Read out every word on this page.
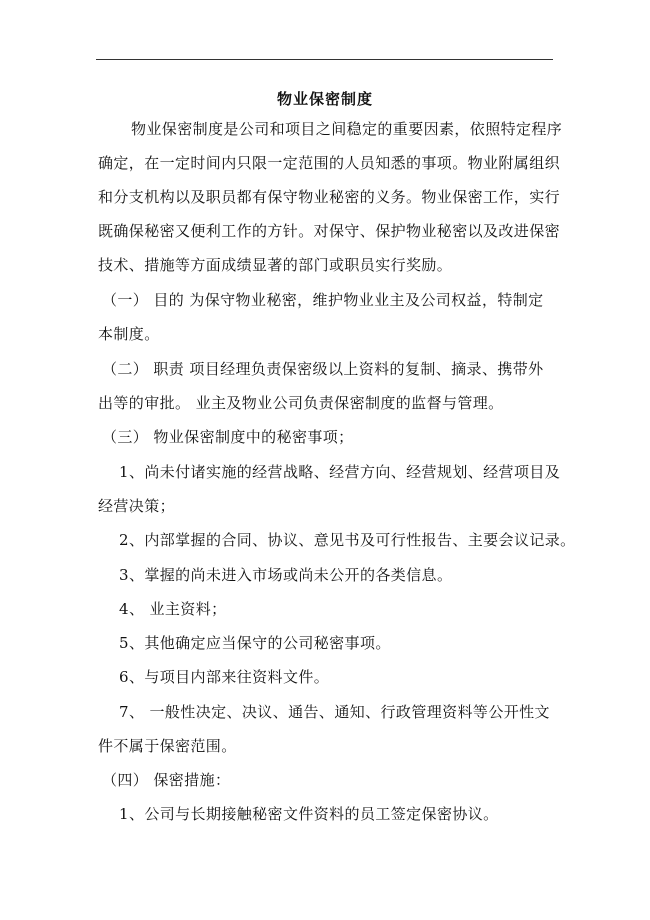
物业保密制度
物业保密制度是公司和项目之间稳定的重要因素，依照特定程序
确定，在一定时间内只限一定范围的人员知悉的事项。物业附属组织
和分支机构以及职员都有保守物业秘密的义务。物业保密工作，实行
既确保秘密又便利工作的方针。对保守、保护物业秘密以及改进保密
技术、措施等方面成绩显著的部门或职员实行奖励。
（一） 目的 为保守物业秘密，维护物业业主及公司权益，特制定
本制度。
（二） 职责 项目经理负责保密级以上资料的复制、摘录、携带外
出等的审批。 业主及物业公司负责保密制度的监督与管理。
（三） 物业保密制度中的秘密事项；
1、尚未付诸实施的经营战略、经营方向、经营规划、经营项目及
经营决策；
2、内部掌握的合同、协议、意见书及可行性报告、主要会议记录。
3、掌握的尚未进入市场或尚未公开的各类信息。
4、 业主资料；
5、其他确定应当保守的公司秘密事项。
6、与项目内部来往资料文件。
7、 一般性决定、决议、通告、通知、行政管理资料等公开性文
件不属于保密范围。
（四） 保密措施：
1、公司与长期接触秘密文件资料的员工签定保密协议。
